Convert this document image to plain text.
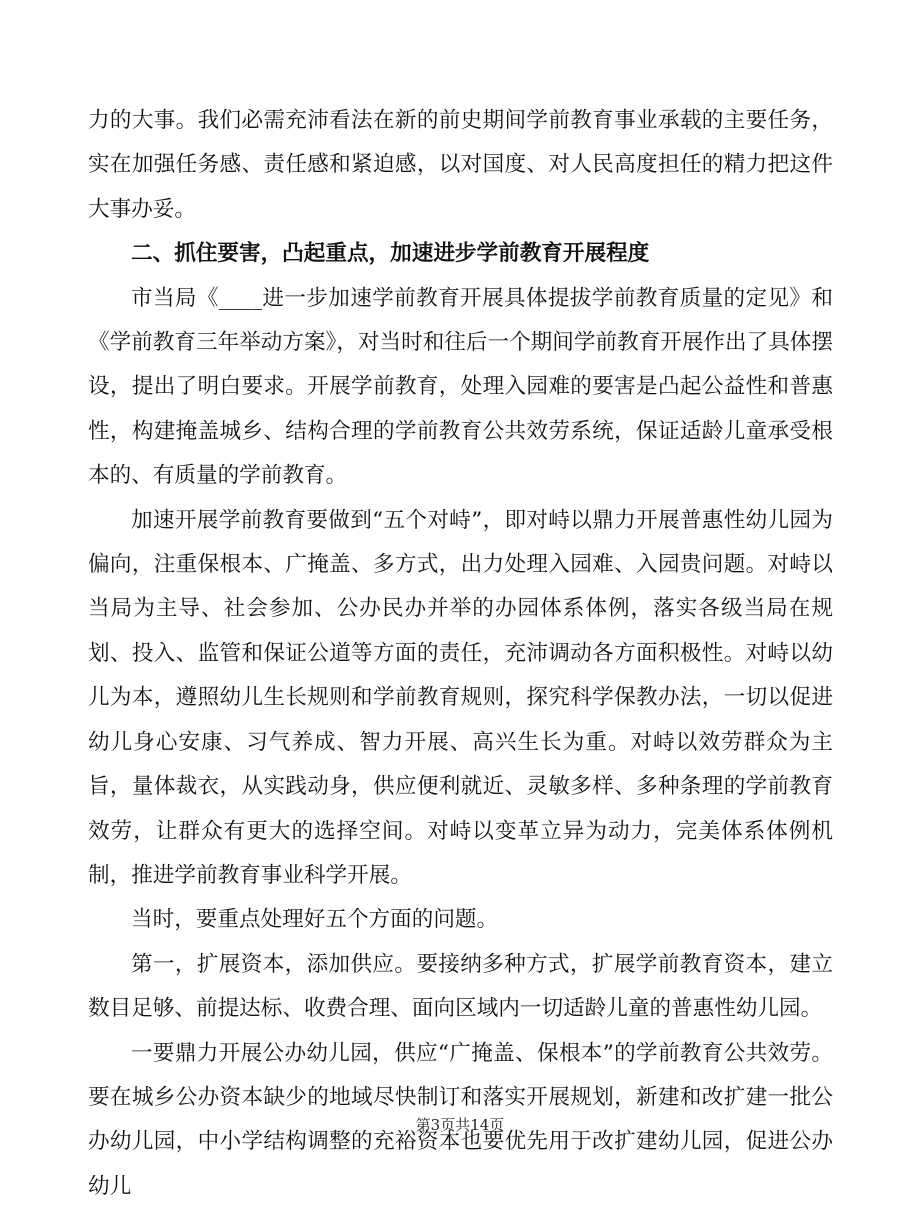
力的大事。我们必需充沛看法在新的前史期间学前教育事业承载的主要任务，实在加强任务感、责任感和紧迫感，以对国度、对人民高度担任的精力把这件大事办妥。

二、抓住要害，凸起重点，加速进步学前教育开展程度

市当局《____进一步加速学前教育开展具体提拔学前教育质量的定见》和《学前教育三年举动方案》，对当时和往后一个期间学前教育开展作出了具体摆设，提出了明白要求。开展学前教育，处理入园难的要害是凸起公益性和普惠性，构建掩盖城乡、结构合理的学前教育公共效劳系统，保证适龄儿童承受根本的、有质量的学前教育。

加速开展学前教育要做到“五个对峙”，即对峙以鼎力开展普惠性幼儿园为偏向，注重保根本、广掩盖、多方式，出力处理入园难、入园贵问题。对峙以当局为主导、社会参加、公办民办并举的办园体系体例，落实各级当局在规划、投入、监管和保证公道等方面的责任，充沛调动各方面积极性。对峙以幼儿为本，遵照幼儿生长规则和学前教育规则，探究科学保教办法，一切以促进幼儿身心安康、习气养成、智力开展、高兴生长为重。对峙以效劳群众为主旨，量体裁衣，从实践动身，供应便利就近、灵敏多样、多种条理的学前教育效劳，让群众有更大的选择空间。对峙以变革立异为动力，完美体系体例机制，推进学前教育事业科学开展。

当时，要重点处理好五个方面的问题。

第一，扩展资本，添加供应。要接纳多种方式，扩展学前教育资本，建立数目足够、前提达标、收费合理、面向区域内一切适龄儿童的普惠性幼儿园。

一要鼎力开展公办幼儿园，供应“广掩盖、保根本”的学前教育公共效劳。要在城乡公办资本缺少的地域尽快制订和落实开展规划，新建和改扩建一批公办幼儿园，中小学结构调整的充裕资本也要优先用于改扩建幼儿园，促进公办幼儿

第3页共14页
